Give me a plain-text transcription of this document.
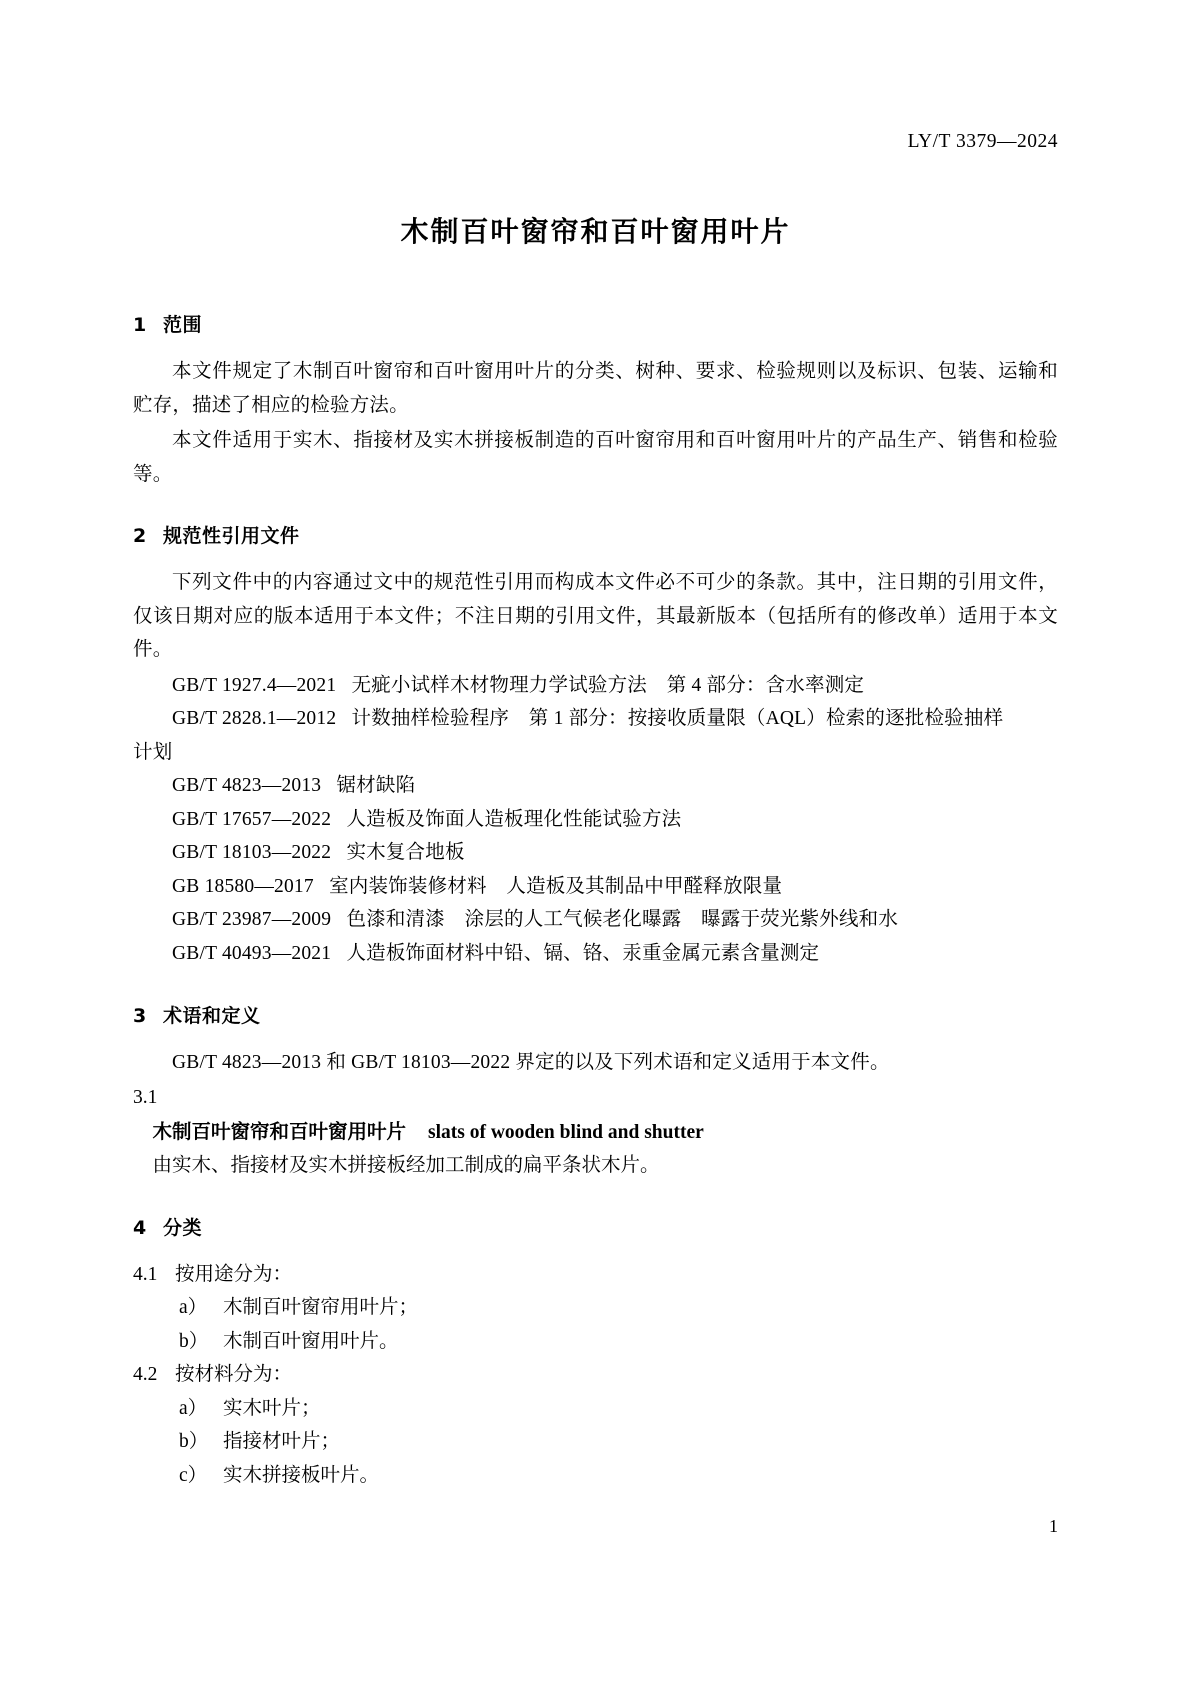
LY/T 3379—2024
木制百叶窗帘和百叶窗用叶片
1 范围

本文件规定了木制百叶窗帘和百叶窗用叶片的分类、树种、要求、检验规则以及标识、包装、运输和贮存，描述了相应的检验方法。

本文件适用于实木、指接材及实木拼接板制造的百叶窗帘用和百叶窗用叶片的产品生产、销售和检验等。

2 规范性引用文件

下列文件中的内容通过文中的规范性引用而构成本文件必不可少的条款。其中，注日期的引用文件，仅该日期对应的版本适用于本文件；不注日期的引用文件，其最新版本（包括所有的修改单）适用于本文件。

GB/T 1927.4—2021 无疵小试样木材物理力学试验方法　第 4 部分：含水率测定

GB/T 2828.1—2012 计数抽样检验程序　第 1 部分：按接收质量限（AQL）检索的逐批检验抽样

计划

GB/T 4823—2013 锯材缺陷

GB/T 17657—2022 人造板及饰面人造板理化性能试验方法

GB/T 18103—2022 实木复合地板

GB 18580—2017 室内装饰装修材料　人造板及其制品中甲醛释放限量

GB/T 23987—2009 色漆和清漆　涂层的人工气候老化曝露　曝露于荧光紫外线和水

GB/T 40493—2021 人造板饰面材料中铅、镉、铬、汞重金属元素含量测定

3 术语和定义

GB/T 4823—2013 和 GB/T 18103—2022 界定的以及下列术语和定义适用于本文件。

3.1

木制百叶窗帘和百叶窗用叶片 slats of wooden blind and shutter

由实木、指接材及实木拼接板经加工制成的扁平条状木片。

4 分类

4.1 按用途分为：

a） 木制百叶窗帘用叶片；

b） 木制百叶窗用叶片。

4.2 按材料分为：

a） 实木叶片；

b） 指接材叶片；

c） 实木拼接板叶片。

1
